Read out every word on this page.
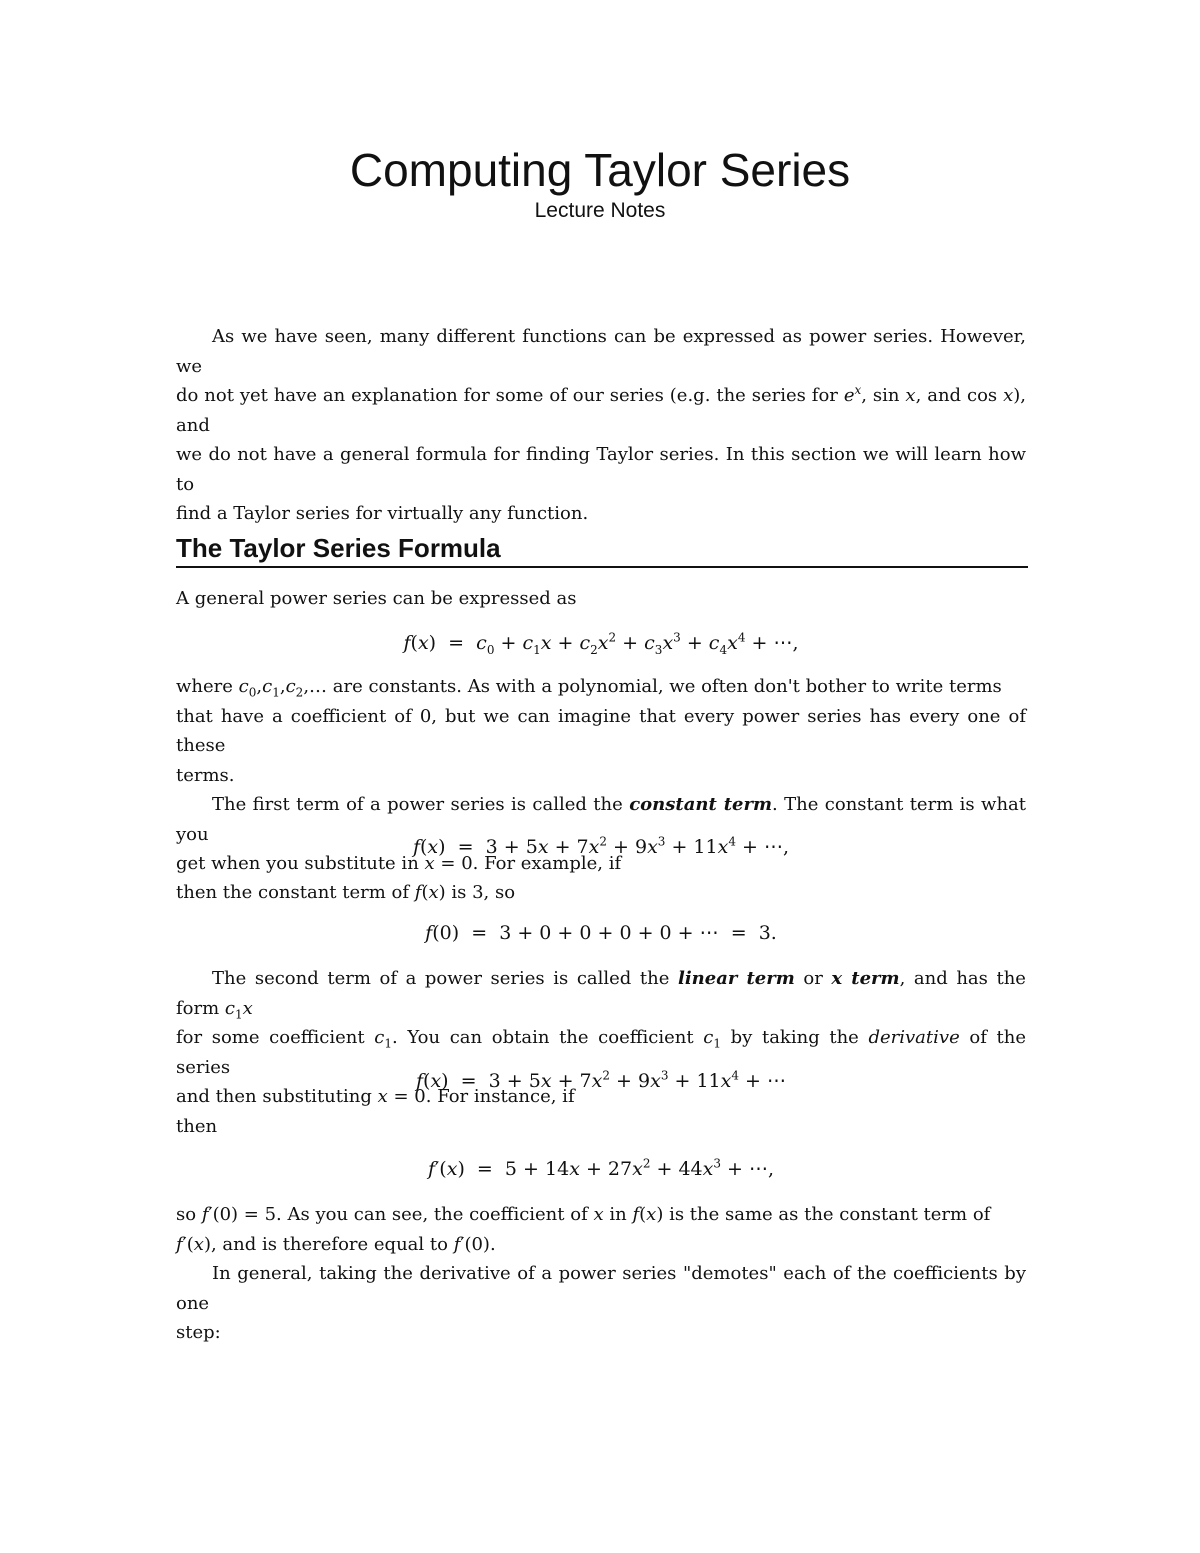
Computing Taylor Series
Lecture Notes
As we have seen, many different functions can be expressed as power series. However, we
do not yet have an explanation for some of our series (e.g. the series for $e^x$, sin x, and cos x), and
we do not have a general formula for finding Taylor series. In this section we will learn how to
find a Taylor series for virtually any function.
The Taylor Series Formula
A general power series can be expressed as
$f(x) = c_0 + c_1x + c_2x^2 + c_3x^3 + c_4x^4$ + ⋯,
where $c_0,c_1,c_2,\dots$ are constants. As with a polynomial, we often don't bother to write terms
that have a coefficient of 0, but we can imagine that every power series has every one of these
terms.
The first term of a power series is called the constant term. The constant term is what you
get when you substitute in x = 0. For example, if
$f(x) = 3 + 5x + 7x^2 + 9x^3 + 11x^4$ + ⋯,
then the constant term of f(x) is 3, so
f(0)  =  3 + 0 + 0 + 0 + 0 + ⋯  =  3.
The second term of a power series is called the linear term or x term, and has the form $c_1x$
for some coefficient $c_1$. You can obtain the coefficient $c_1$ by taking the derivative of the series
and then substituting x = 0. For instance, if
$f(x) = 3 + 5x + 7x^2 + 9x^3 + 11x^4$ + ⋯
then
$f'(x) = 5 + 14x + 27x^2 + 44x^3$ + ⋯,
so f′(0) = 5. As you can see, the coefficient of x in f(x) is the same as the constant term of
f′(x), and is therefore equal to f′(0).
In general, taking the derivative of a power series "demotes" each of the coefficients by one
step:
